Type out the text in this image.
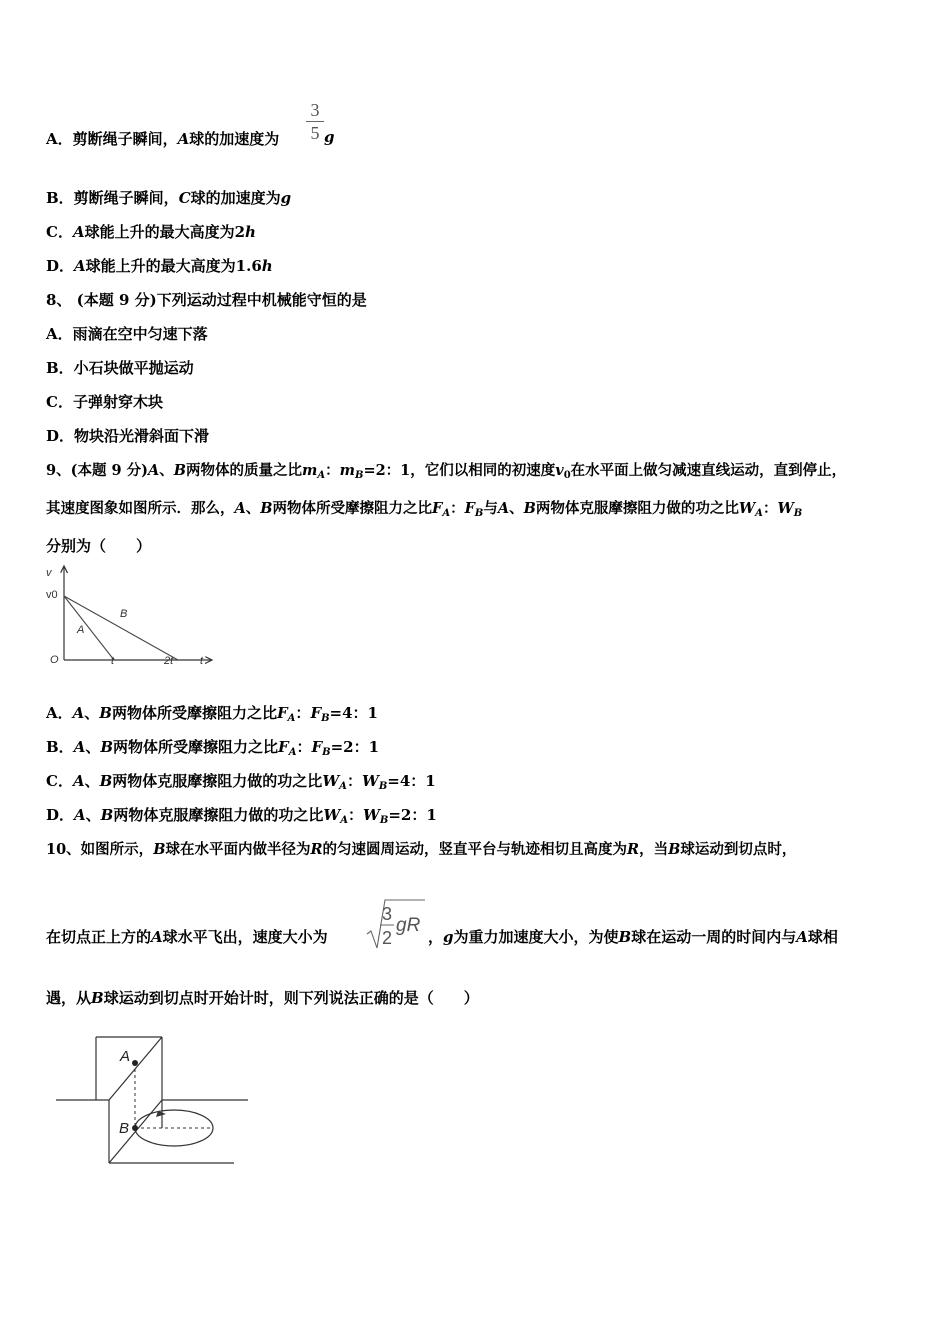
A．剪断绳子瞬间，A球的加速度为
3
5 g
B．剪断绳子瞬间，C球的加速度为g
C．A球能上升的最大高度为2h
D．A球能上升的最大高度为1.6h
8、 (本题 9 分)下列运动过程中机械能守恒的是
A．雨滴在空中匀速下落
B．小石块做平抛运动
C．子弹射穿木块
D．物块沿光滑斜面下滑
9、(本题 9 分)A、B两物体的质量之比$m_A$：$m_B=2$：1，它们以相同的初速度$v_0$在水平面上做匀减速直线运动，直到停止，
其速度图象如图所示．那么，A、B两物体所受摩擦阻力之比$F_A$：$F_B$与A、B两物体克服摩擦阻力做的功之比$W_A$：$W_B$
分别为（　　）
v
v0
O	t	2t t
A
B
A．A、B两物体所受摩擦阻力之比$F_A$：$F_B=4$：1
B．A、B两物体所受摩擦阻力之比$F_A$：$F_B=2$：1
C．A、B两物体克服摩擦阻力做的功之比$W_A$：$W_B=4$：1
D．A、B两物体克服摩擦阻力做的功之比$W_A$：$W_B=2$：1
10、如图所示，B球在水平面内做半径为R的匀速圆周运动，竖直平台与轨迹相切且高度为R，当B球运动到切点时，
在切点正上方的A球水平飞出，速度大小为
3
2
gR
，g为重力加速度大小，为使B球在运动一周的时间内与A球相
遇，从B球运动到切点时开始计时，则下列说法正确的是（　　）
A
B
